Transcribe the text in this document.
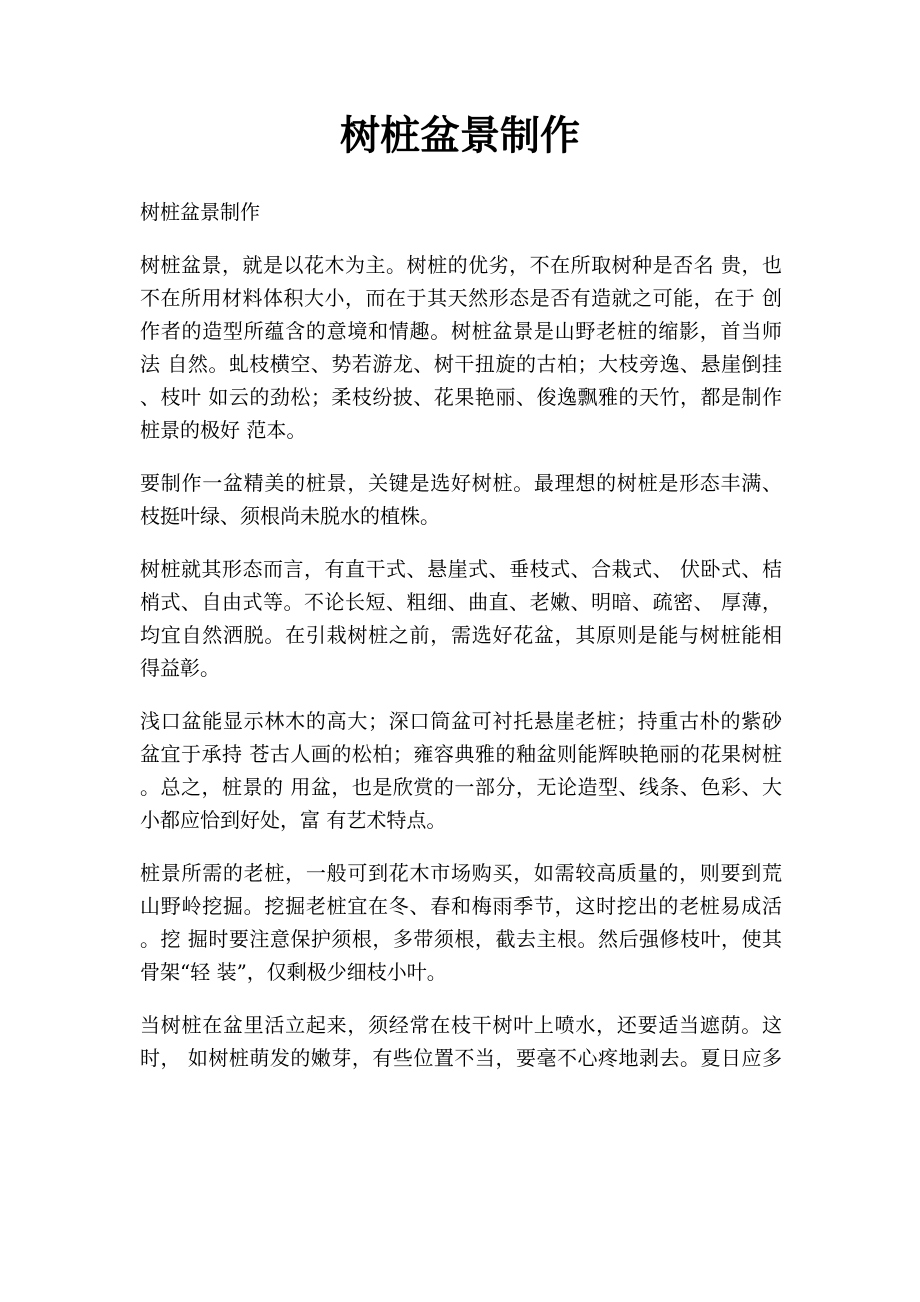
树桩盆景制作
树桩盆景制作
树桩盆景，就是以花木为主。树桩的优劣，不在所取树种是否名 贵，也
不在所用材料体积大小，而在于其天然形态是否有造就之可能，在于 创
作者的造型所蕴含的意境和情趣。树桩盆景是山野老桩的缩影，首当师
法 自然。虬枝横空、势若游龙、树干扭旋的古柏；大枝旁逸、悬崖倒挂
、枝叶 如云的劲松；柔枝纷披、花果艳丽、俊逸飘雅的天竹，都是制作
桩景的极好 范本。
要制作一盆精美的桩景，关键是选好树桩。最理想的树桩是形态丰满、
枝挺叶绿、须根尚未脱水的植株。
树桩就其形态而言，有直干式、悬崖式、垂枝式、合栽式、 伏卧式、桔
梢式、自由式等。不论长短、粗细、曲直、老嫩、明暗、疏密、 厚薄，
均宜自然洒脱。在引栽树桩之前，需选好花盆，其原则是能与树桩能相
得益彰。
浅口盆能显示林木的高大；深口筒盆可衬托悬崖老桩；持重古朴的紫砂
盆宜于承持 苍古人画的松柏；雍容典雅的釉盆则能辉映艳丽的花果树桩
。总之，桩景的 用盆，也是欣赏的一部分，无论造型、线条、色彩、大
小都应恰到好处，富 有艺术特点。
桩景所需的老桩，一般可到花木市场购买，如需较高质量的，则要到荒
山野岭挖掘。挖掘老桩宜在冬、春和梅雨季节，这时挖出的老桩易成活
。挖 掘时要注意保护须根，多带须根，截去主根。然后强修枝叶，使其
骨架“轻 装”，仅剩极少细枝小叶。
当树桩在盆里活立起来，须经常在枝干树叶上喷水，还要适当遮荫。这
时， 如树桩萌发的嫩芽，有些位置不当，要毫不心疼地剥去。夏日应多
